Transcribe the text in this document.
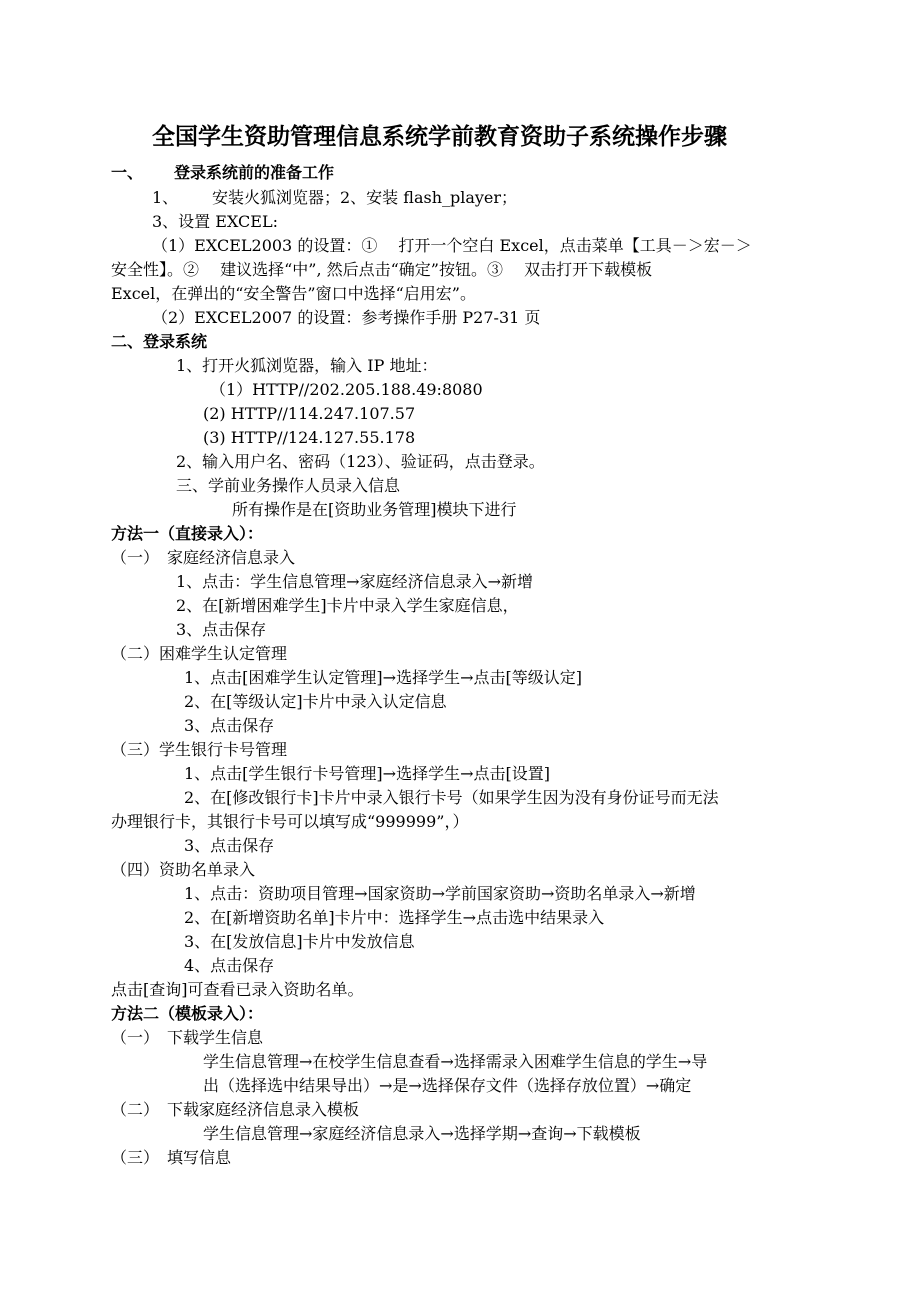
全国学生资助管理信息系统学前教育资助子系统操作步骤
一、 登录系统前的准备工作
1、 安装火狐浏览器；2、安装 flash_player；
3、设置 EXCEL:
（1）EXCEL2003 的设置：①　 打开一个空白 Excel，点击菜单【工具－＞宏－＞
安全性】。②　 建议选择“中”, 然后点击“确定”按钮。③　 双击打开下载模板
Excel，在弹出的“安全警告”窗口中选择“启用宏”。
（2）EXCEL2007 的设置：参考操作手册 P27-31 页
二、登录系统
1、打开火狐浏览器，输入 IP 地址：
（1）HTTP//202.205.188.49:8080
(2) HTTP//114.247.107.57
(3) HTTP//124.127.55.178
2、输入用户名、密码（123）、验证码，点击登录。
三、学前业务操作人员录入信息
所有操作是在[资助业务管理]模块下进行
方法一（直接录入）：
（一）　家庭经济信息录入
1、点击：学生信息管理→家庭经济信息录入→新增
2、在[新增困难学生]卡片中录入学生家庭信息，
3、点击保存
（二）困难学生认定管理
1、点击[困难学生认定管理]→选择学生→点击[等级认定]
2、在[等级认定]卡片中录入认定信息
3、点击保存
（三）学生银行卡号管理
1、点击[学生银行卡号管理]→选择学生→点击[设置]
2、在[修改银行卡]卡片中录入银行卡号（如果学生因为没有身份证号而无法
办理银行卡，其银行卡号可以填写成“999999”，）
3、点击保存
（四）资助名单录入
1、点击：资助项目管理→国家资助→学前国家资助→资助名单录入→新增
2、在[新增资助名单]卡片中：选择学生→点击选中结果录入
3、在[发放信息]卡片中发放信息
4、点击保存
点击[查询]可查看已录入资助名单。
方法二（模板录入）：
（一）　下载学生信息
学生信息管理→在校学生信息查看→选择需录入困难学生信息的学生→导
出（选择选中结果导出）→是→选择保存文件（选择存放位置）→确定
（二）　下载家庭经济信息录入模板
学生信息管理→家庭经济信息录入→选择学期→查询→下载模板
（三）　填写信息
